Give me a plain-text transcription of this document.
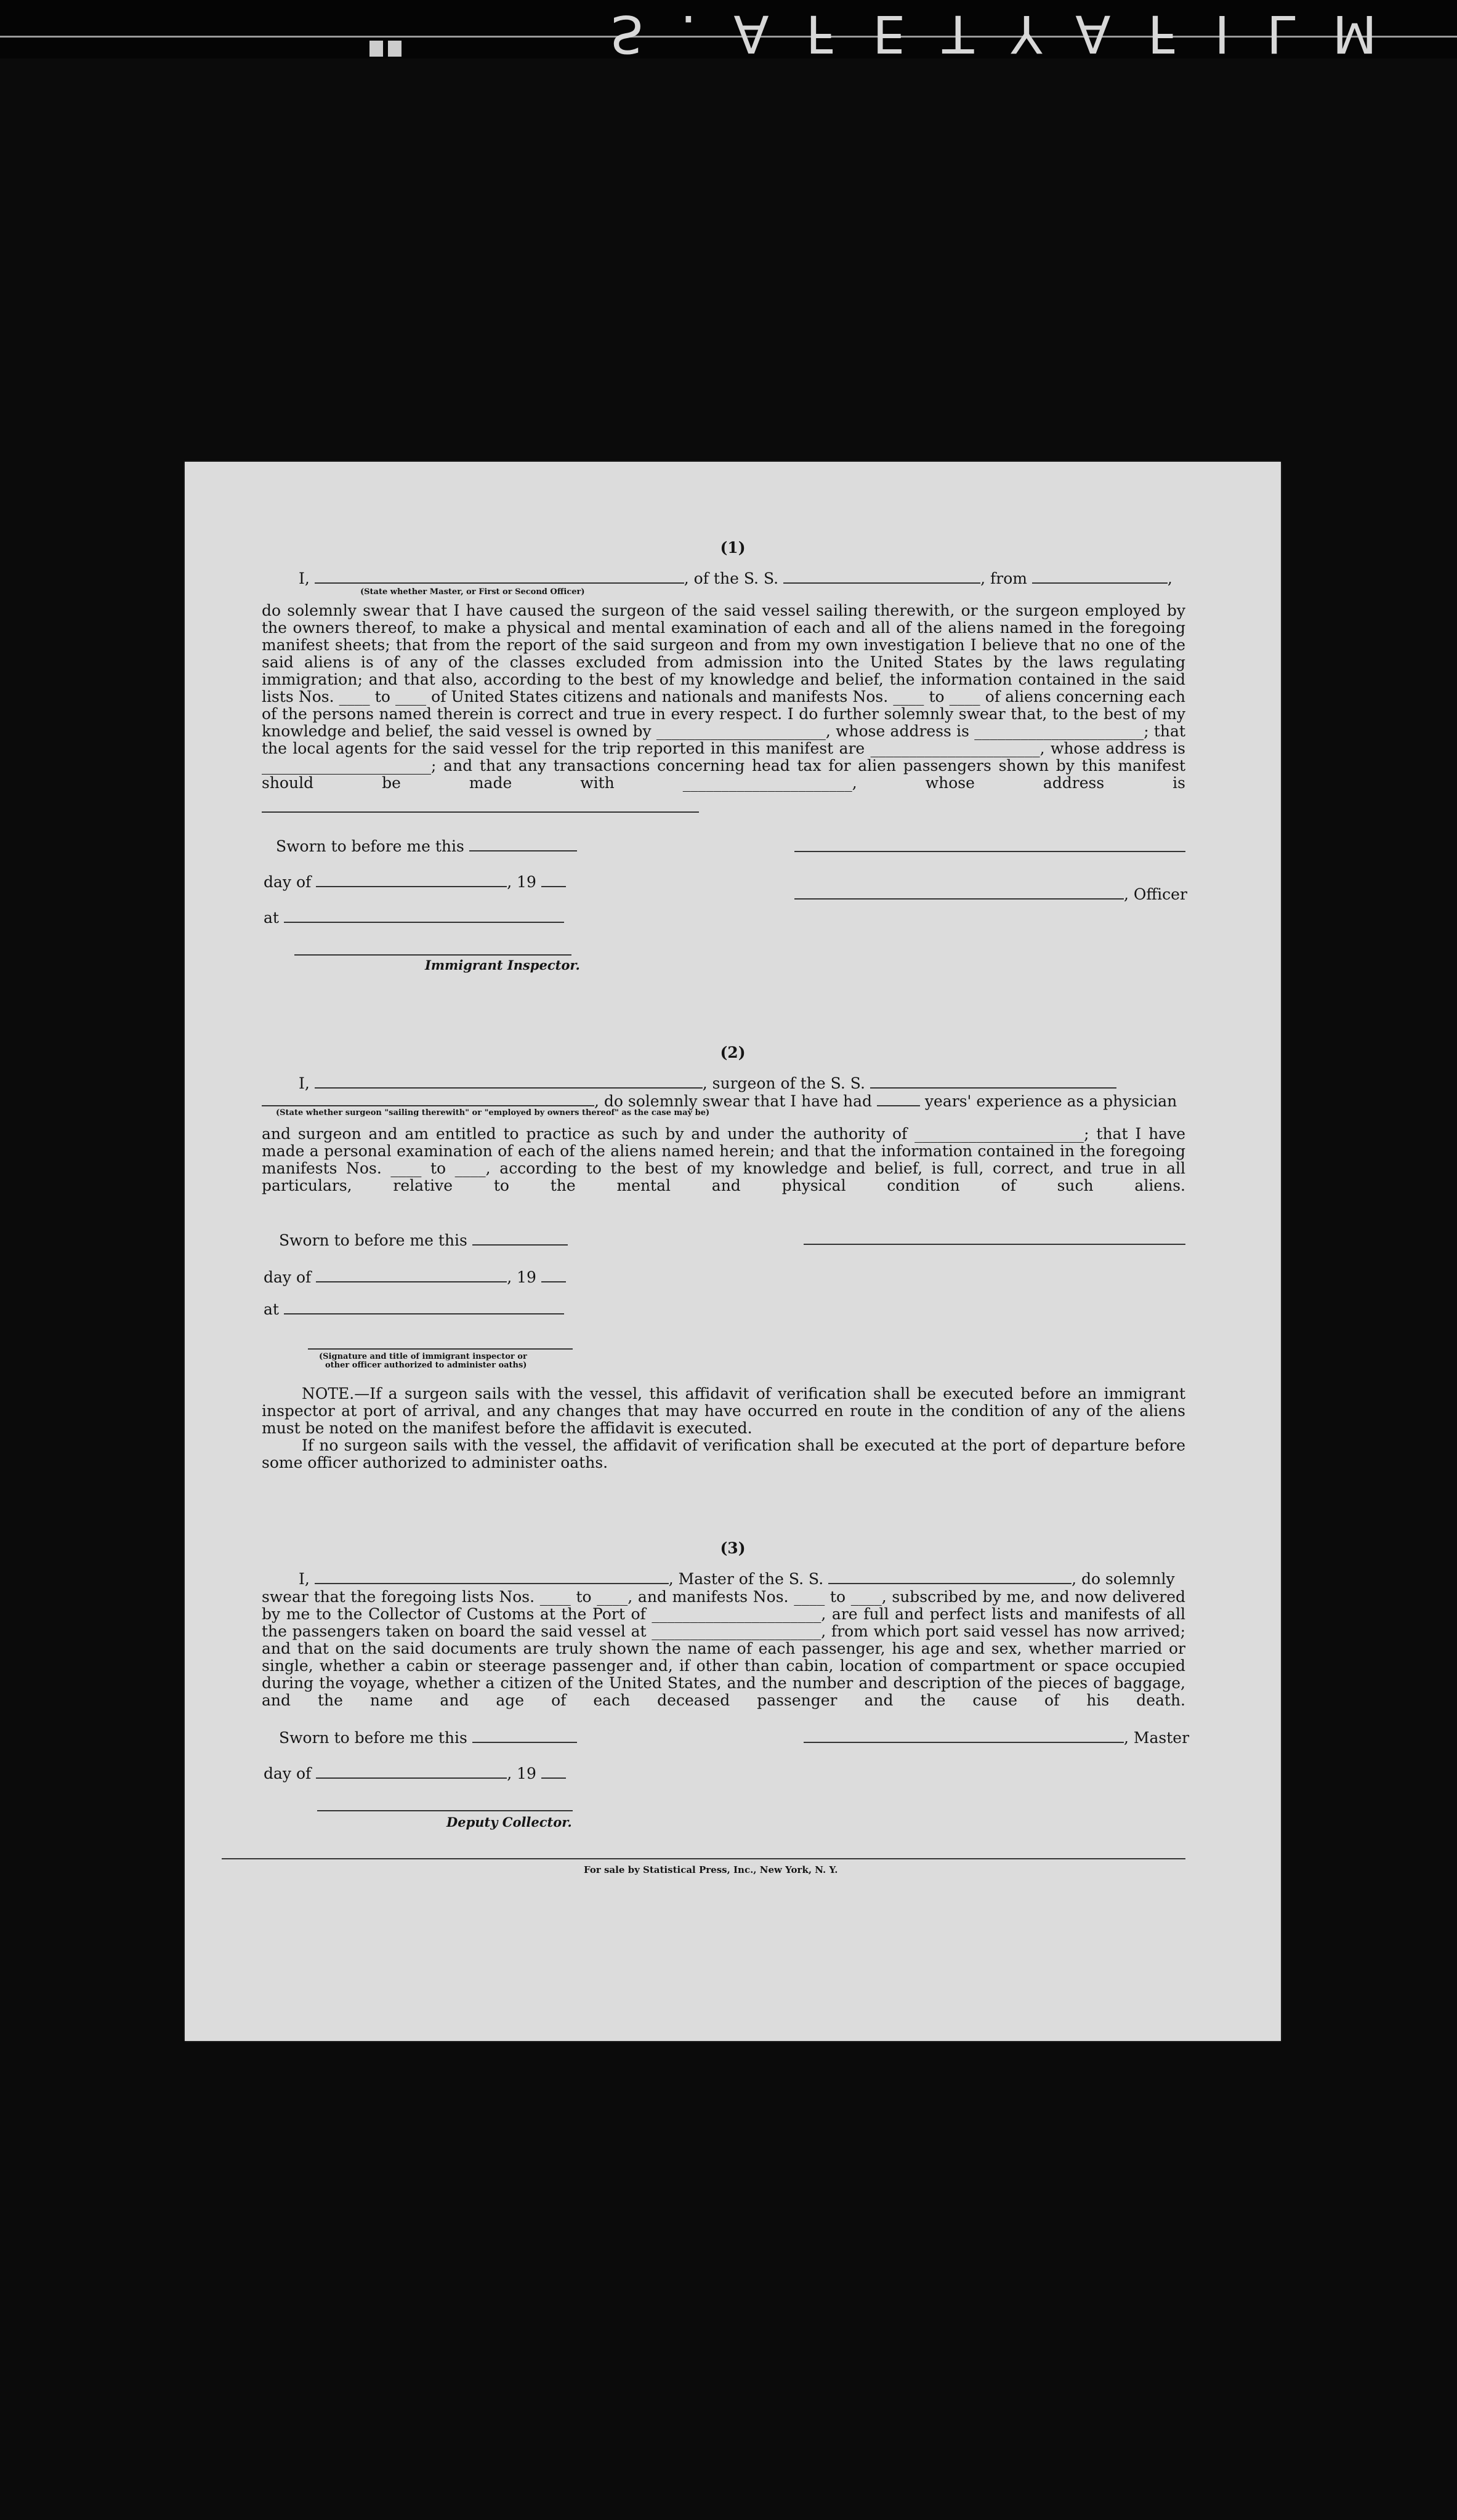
S.AFETYAFILM
(1)
I,	, of the S. S.	, from	,
(State whether Master, or First or Second Officer)
do solemnly swear that I have caused the surgeon of the said vessel sailing therewith, or the surgeon employed by the owners thereof, to make a physical and mental examination of each and all of the aliens named in the foregoing manifest sheets; that from the report of the said surgeon and from my own investigation I believe that no one of the said aliens is of any of the classes excluded from admission into the United States by the laws regulating immigration; and that also, according to the best of my knowledge and belief, the information contained in the said lists Nos. ____ to ____ of United States citizens and nationals and manifests Nos. ____ to ____ of aliens concerning each of the persons named therein is correct and true in every respect. I do further solemnly swear that, to the best of my knowledge and belief, the said vessel is owned by ______________________, whose address is ______________________; that the local agents for the said vessel for the trip reported in this manifest are ______________________, whose address is ______________________; and that any transactions concerning head tax for alien passengers shown by this manifest should be made with ______________________, whose address is
Sworn to before me this
day of	, 19
, Officer
at
Immigrant Inspector.
(2)
I,	, surgeon of the S. S.
, do solemnly swear that I have had	years' experience as a physician
(State whether surgeon "sailing therewith" or "employed by owners thereof" as the case may be)
and surgeon and am entitled to practice as such by and under the authority of ______________________; that I have made a personal examination of each of the aliens named herein; and that the information contained in the foregoing manifests Nos. ____ to ____, according to the best of my knowledge and belief, is full, correct, and true in all particulars, relative to the mental and physical condition of such aliens.
Sworn to before me this
day of	, 19
at
(Signature and title of immigrant inspector or
other officer authorized to administer oaths)
NOTE.—If a surgeon sails with the vessel, this affidavit of verification shall be executed before an immigrant inspector at port of arrival, and any changes that may have occurred en route in the condition of any of the aliens must be noted on the manifest before the affidavit is executed.
If no surgeon sails with the vessel, the affidavit of verification shall be executed at the port of departure before some officer authorized to administer oaths.
(3)
I,	, Master of the S. S.	, do solemnly
swear that the foregoing lists Nos. ____ to ____, and manifests Nos. ____ to ____, subscribed by me, and now delivered by me to the Collector of Customs at the Port of ______________________, are full and perfect lists and manifests of all the passengers taken on board the said vessel at ______________________, from which port said vessel has now arrived; and that on the said documents are truly shown the name of each passenger, his age and sex, whether married or single, whether a cabin or steerage passenger and, if other than cabin, location of compartment or space occupied during the voyage, whether a citizen of the United States, and the number and description of the pieces of baggage, and the name and age of each deceased passenger and the cause of his death.
Sworn to before me this	, Master
day of	, 19
Deputy Collector.
For sale by Statistical Press, Inc., New York, N. Y.
